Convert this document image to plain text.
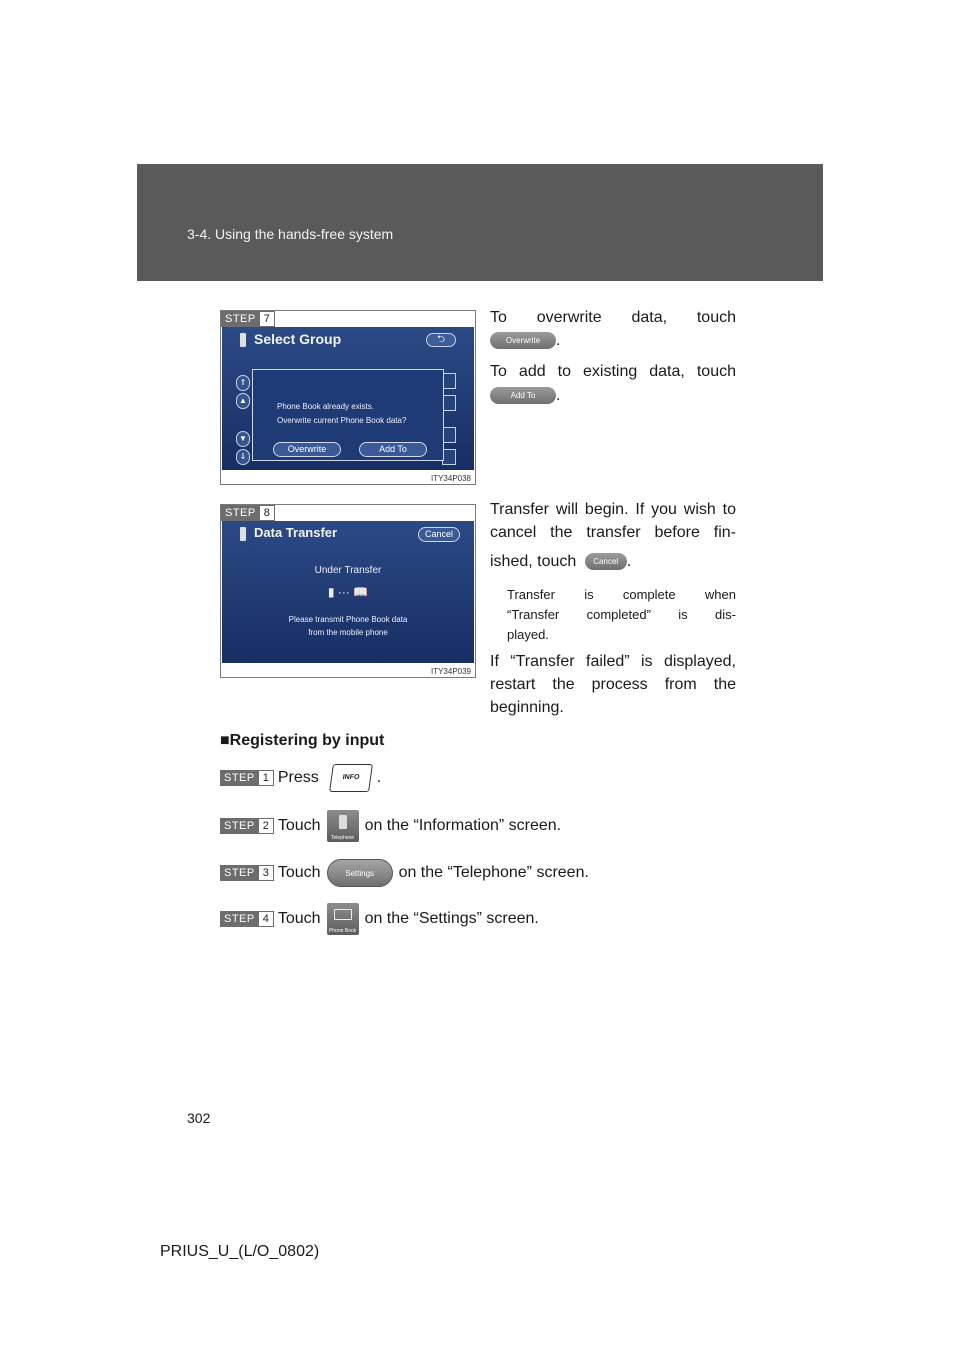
3-4. Using the hands-free system
STEP 7
Select Group	⮌
⇑
▲
▼
⇓
Phone Book already exists.
Overwrite current Phone Book data?
Overwrite	Add To
ITY34P038
To overwrite data, touch
Overwrite .
To add to existing data, touch
Add To .
STEP 8
Data Transfer	Cancel
Under Transfer
▮ ··· 📖
Please transmit Phone Book data
from the mobile phone
ITY34P039
Transfer will begin. If you wish to
cancel the transfer before fin-
ished, touch Cancel .
Transfer is complete when
“Transfer completed” is dis-
played.
If “Transfer failed” is displayed,
restart the process from the
beginning.
■Registering by input
STEP 1 Press	INFO	.
STEP 2 Touch
Telephone
on the “Information” screen.
STEP 3 Touch	Settings	on the “Telephone” screen.
STEP 4 Touch
Phone Book
on the “Settings” screen.
302
PRIUS_U_(L/O_0802)
